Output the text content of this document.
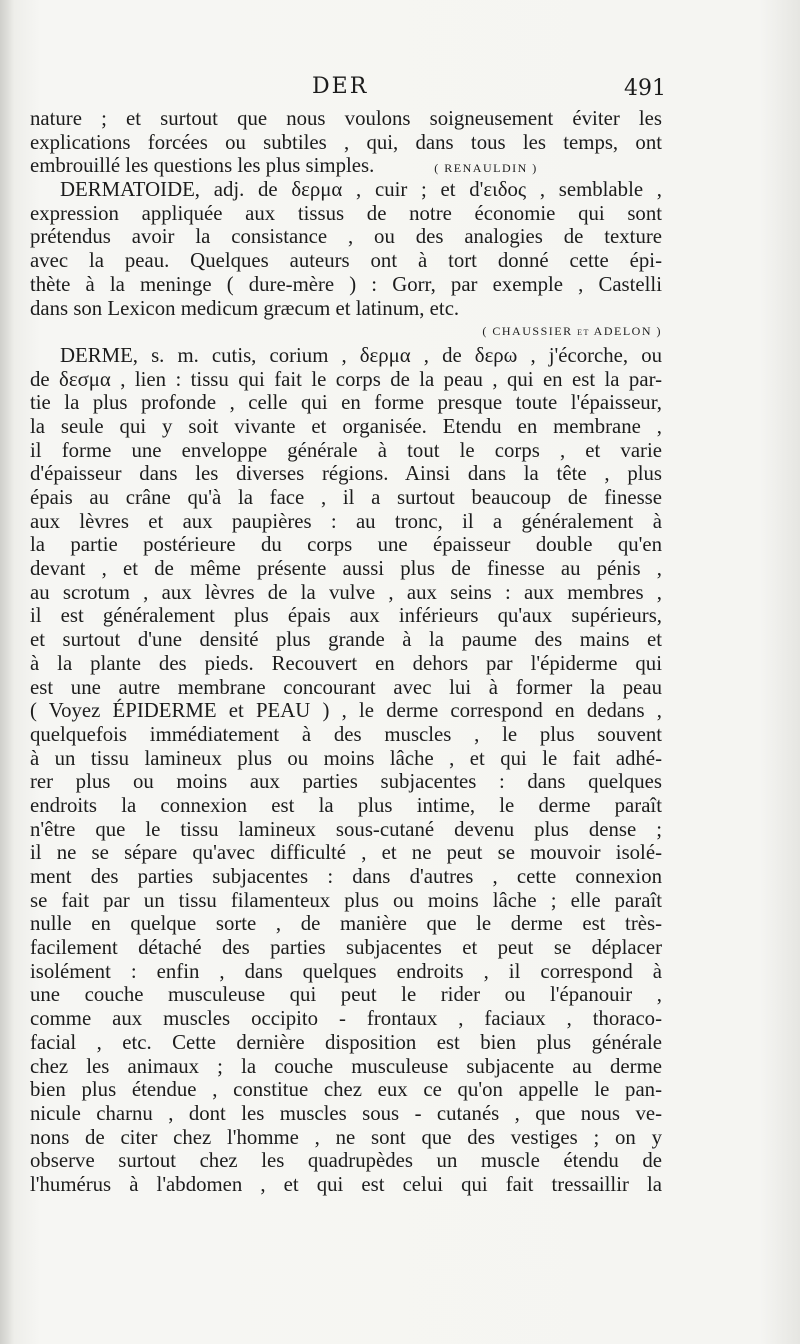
DER	491
nature ; et surtout que nous voulons soigneusement éviter les
explications forcées ou subtiles , qui, dans tous les temps, ont
embrouillé les questions les plus simples.	( RENAULDIN )
DERMATOIDE, adj. de δερμα , cuir ; et d'ειδος , semblable ,
expression appliquée aux tissus de notre économie qui sont
prétendus avoir la consistance , ou des analogies de texture
avec la peau. Quelques auteurs ont à tort donné cette épi-
thète à la meninge ( dure-mère ) : Gorr, par exemple , Castelli
dans son Lexicon medicum græcum et latinum, etc.
( CHAUSSIER et ADELON )
DERME, s. m. cutis, corium , δερμα , de δερω , j'écorche, ou
de δεσμα , lien : tissu qui fait le corps de la peau , qui en est la par-
tie la plus profonde , celle qui en forme presque toute l'épaisseur,
la seule qui y soit vivante et organisée. Etendu en membrane ,
il forme une enveloppe générale à tout le corps , et varie
d'épaisseur dans les diverses régions. Ainsi dans la tête , plus
épais au crâne qu'à la face , il a surtout beaucoup de finesse
aux lèvres et aux paupières : au tronc, il a généralement à
la partie postérieure du corps une épaisseur double qu'en
devant , et de même présente aussi plus de finesse au pénis ,
au scrotum , aux lèvres de la vulve , aux seins : aux membres ,
il est généralement plus épais aux inférieurs qu'aux supérieurs,
et surtout d'une densité plus grande à la paume des mains et
à la plante des pieds. Recouvert en dehors par l'épiderme qui
est une autre membrane concourant avec lui à former la peau
( Voyez ÉPIDERME et PEAU ) , le derme correspond en dedans ,
quelquefois immédiatement à des muscles , le plus souvent
à un tissu lamineux plus ou moins lâche , et qui le fait adhé-
rer plus ou moins aux parties subjacentes : dans quelques
endroits la connexion est la plus intime, le derme paraît
n'être que le tissu lamineux sous-cutané devenu plus dense ;
il ne se sépare qu'avec difficulté , et ne peut se mouvoir isolé-
ment des parties subjacentes : dans d'autres , cette connexion
se fait par un tissu filamenteux plus ou moins lâche ; elle paraît
nulle en quelque sorte , de manière que le derme est très-
facilement détaché des parties subjacentes et peut se déplacer
isolément : enfin , dans quelques endroits , il correspond à
une couche musculeuse qui peut le rider ou l'épanouir ,
comme aux muscles occipito - frontaux , faciaux , thoraco-
facial , etc. Cette dernière disposition est bien plus générale
chez les animaux ; la couche musculeuse subjacente au derme
bien plus étendue , constitue chez eux ce qu'on appelle le pan-
nicule charnu , dont les muscles sous - cutanés , que nous ve-
nons de citer chez l'homme , ne sont que des vestiges ; on y
observe surtout chez les quadrupèdes un muscle étendu de
l'humérus à l'abdomen , et qui est celui qui fait tressaillir la
